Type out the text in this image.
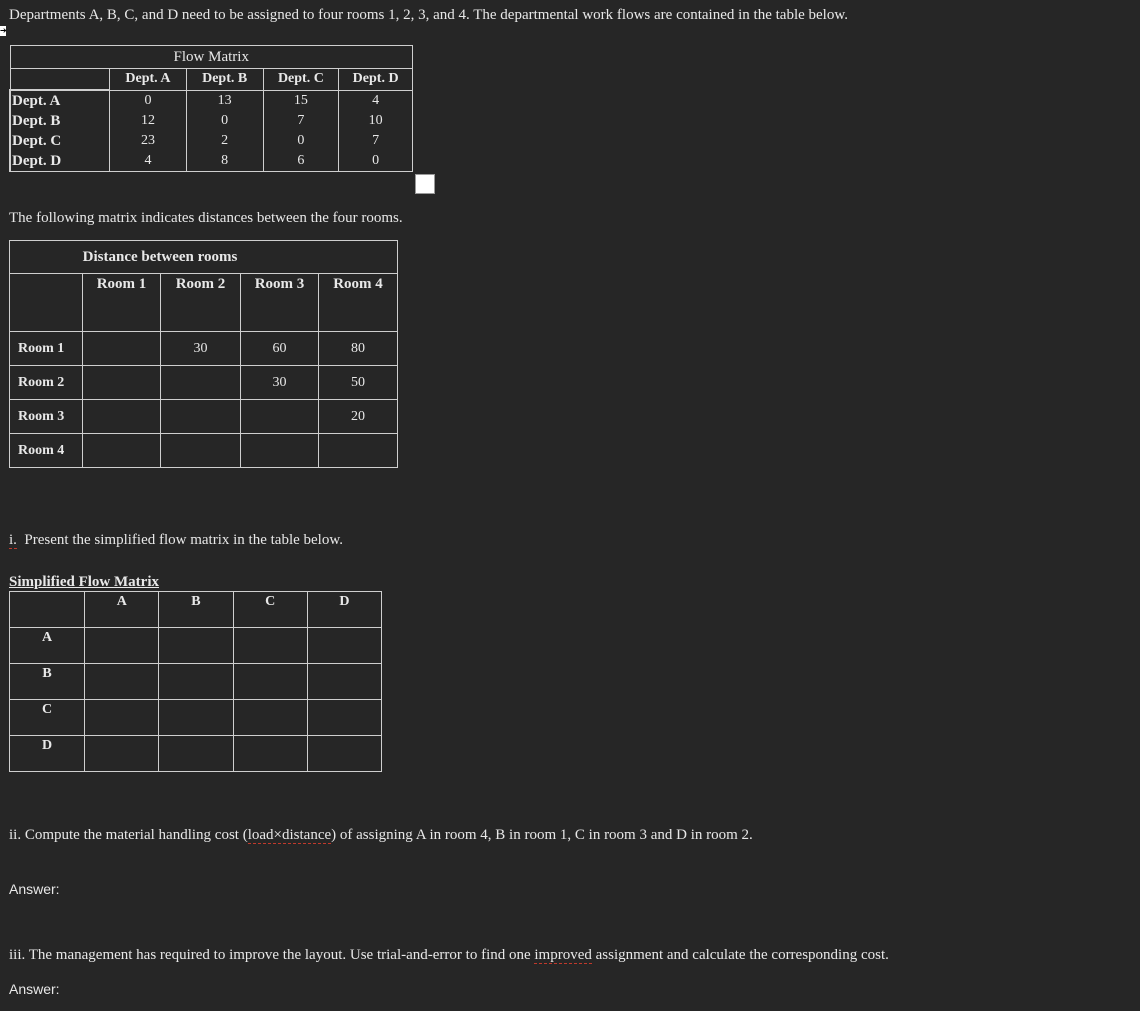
Departments A, B, C, and D need to be assigned to four rooms 1, 2, 3, and 4. The departmental work flows are contained in the table below.
➔
Flow Matrix				
	Dept. A	Dept. B	Dept. C	Dept. D
Dept. A	0	13	15	4
Dept. B	12	0	7	10
Dept. C	23	2	0	7
Dept. D	4	8	6	0
The following matrix indicates distances between the four rooms.
Distance between rooms				
	Room 1	Room 2	Room 3	Room 4
Room 1		30	60	80
Room 2			30	50
Room 3				20
Room 4				
i. Present the simplified flow matrix in the table below.
Simplified Flow Matrix
	A	B	C	D
A				
B				
C				
D				
ii. Compute the material handling cost (load×distance) of assigning A in room 4, B in room 1, C in room 3 and D in room 2.
Answer:
iii. The management has required to improve the layout. Use trial-and-error to find one improved assignment and calculate the corresponding cost.
Answer:
